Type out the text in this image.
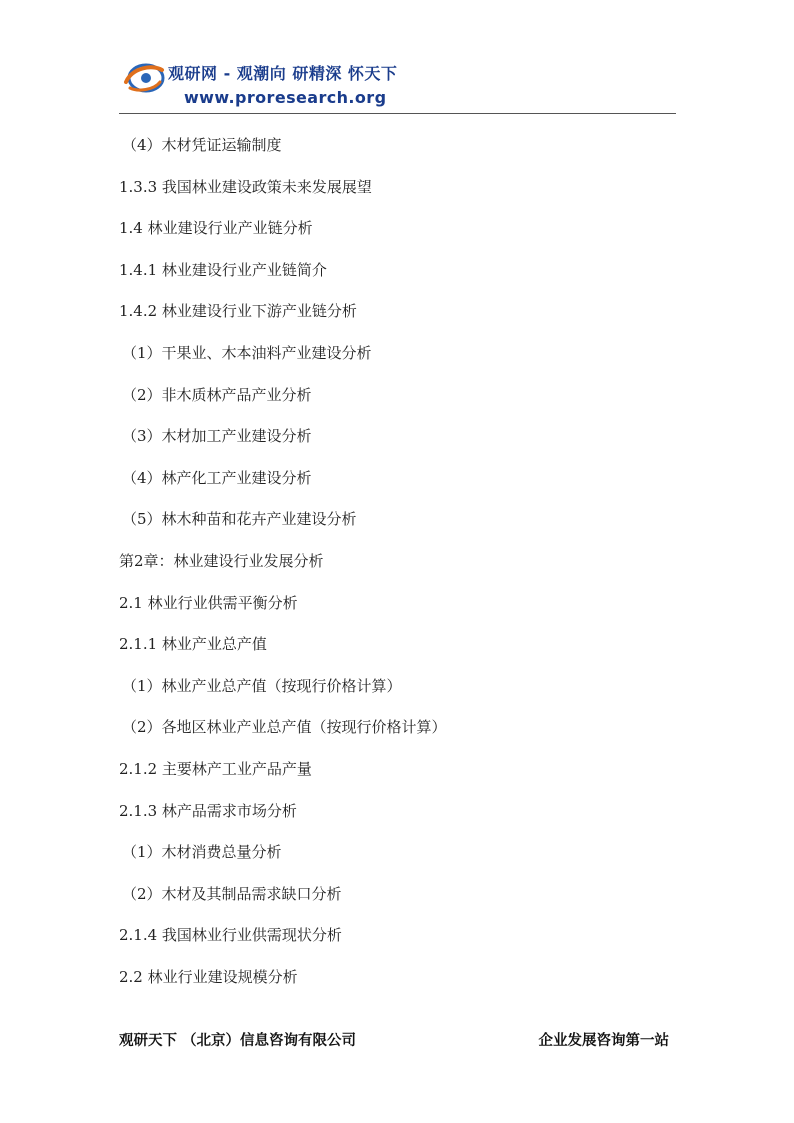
观研网 - 观潮向 研精深 怀天下
www.proresearch.org
（4）木材凭证运输制度
1.3.3 我国林业建设政策未来发展展望
1.4 林业建设行业产业链分析
1.4.1 林业建设行业产业链简介
1.4.2 林业建设行业下游产业链分析
（1）干果业、木本油料产业建设分析
（2）非木质林产品产业分析
（3）木材加工产业建设分析
（4）林产化工产业建设分析
（5）林木种苗和花卉产业建设分析
第2章：林业建设行业发展分析
2.1 林业行业供需平衡分析
2.1.1 林业产业总产值
（1）林业产业总产值（按现行价格计算）
（2）各地区林业产业总产值（按现行价格计算）
2.1.2 主要林产工业产品产量
2.1.3 林产品需求市场分析
（1）木材消费总量分析
（2）木材及其制品需求缺口分析
2.1.4 我国林业行业供需现状分析
2.2 林业行业建设规模分析
观研天下 （北京）信息咨询有限公司	企业发展咨询第一站
